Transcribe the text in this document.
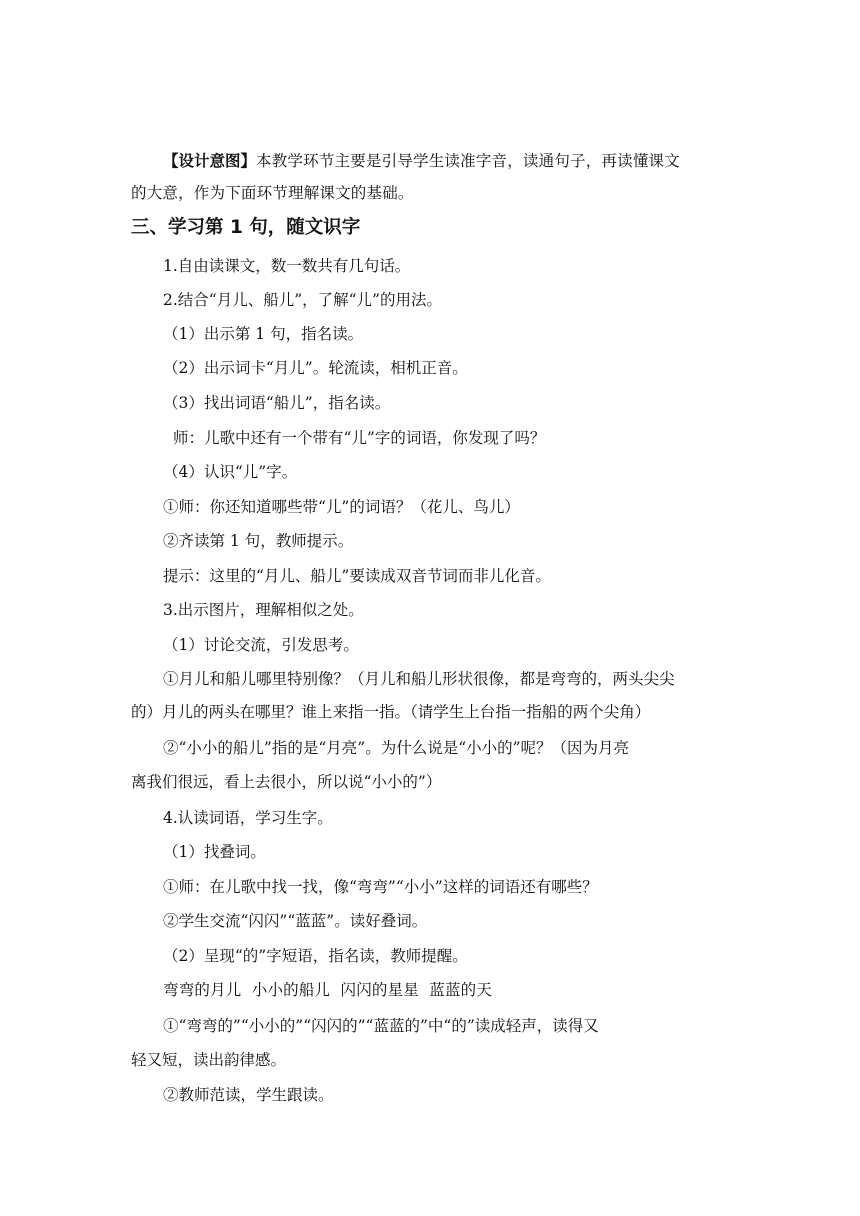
【设计意图】本教学环节主要是引导学生读准字音，读通句子，再读懂课文
的大意，作为下面环节理解课文的基础。
三、学习第 1 句，随文识字
1.自由读课文，数一数共有几句话。
2.结合“月儿、船儿”，了解“儿”的用法。
（1）出示第 1 句，指名读。
（2）出示词卡“月儿”。轮流读，相机正音。
（3）找出词语“船儿”，指名读。
师：儿歌中还有一个带有“儿”字的词语，你发现了吗？
（4）认识“儿”字。
①师：你还知道哪些带“儿”的词语？（花儿、鸟儿）
②齐读第 1 句，教师提示。
提示：这里的“月儿、船儿”要读成双音节词而非儿化音。
3.出示图片，理解相似之处。
（1）讨论交流，引发思考。
①月儿和船儿哪里特别像？（月儿和船儿形状很像，都是弯弯的，两头尖尖
的）月儿的两头在哪里？谁上来指一指。（请学生上台指一指船的两个尖角）
②“小小的船儿”指的是“月亮”。为什么说是“小小的”呢？（因为月亮
离我们很远，看上去很小，所以说“小小的”）
4.认读词语，学习生字。
（1）找叠词。
①师：在儿歌中找一找，像“弯弯”“小小”这样的词语还有哪些？
②学生交流“闪闪”“蓝蓝”。读好叠词。
（2）呈现“的”字短语，指名读，教师提醒。
弯弯的月儿  小小的船儿  闪闪的星星  蓝蓝的天
①“弯弯的”“小小的”“闪闪的”“蓝蓝的”中“的”读成轻声，读得又
轻又短，读出韵律感。
②教师范读，学生跟读。
